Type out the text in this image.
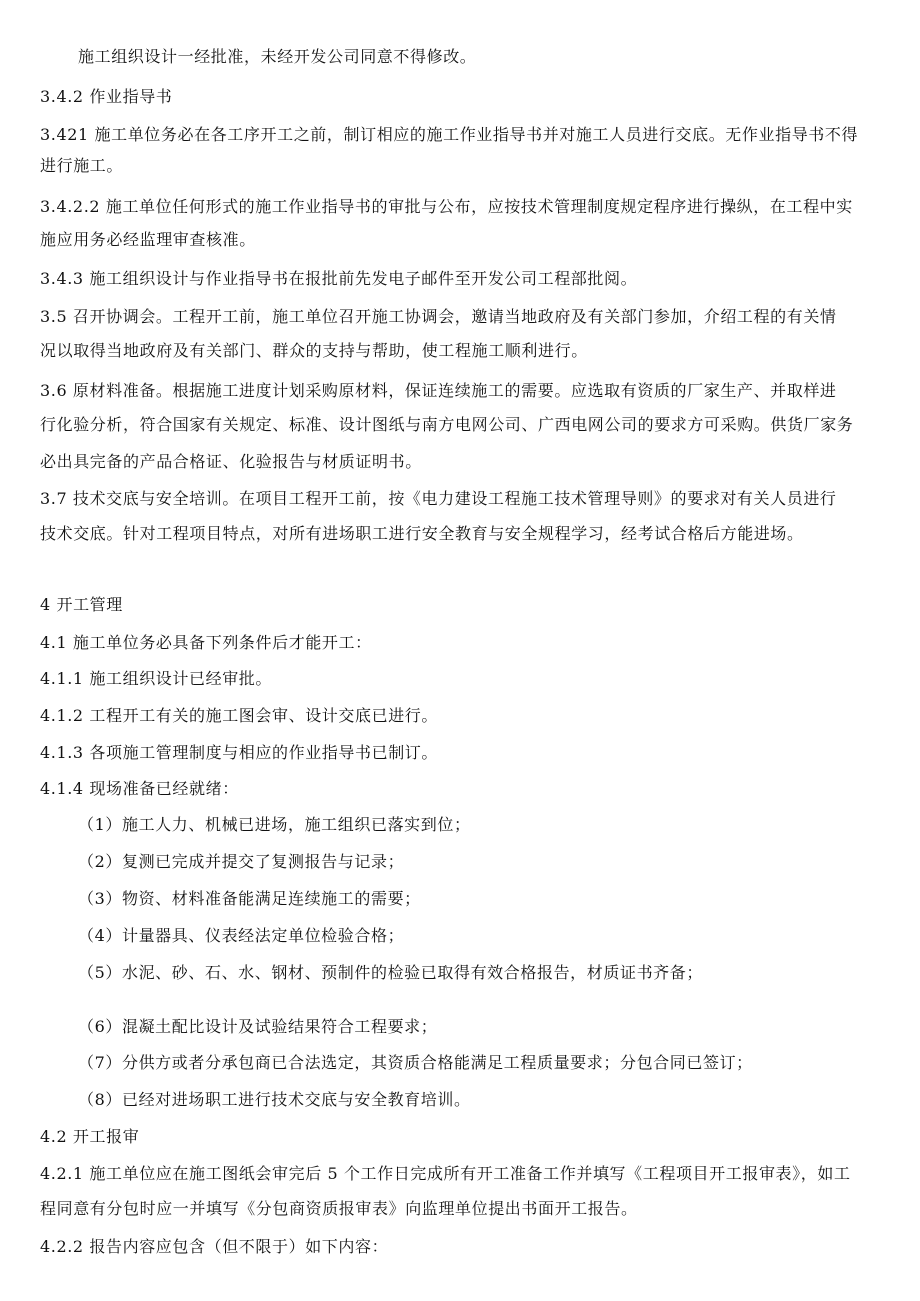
施工组织设计一经批准，未经开发公司同意不得修改。
3.4.2 作业指导书
3.421 施工单位务必在各工序开工之前，制订相应的施工作业指导书并对施工人员进行交底。无作业指导书不得
进行施工。
3.4.2.2 施工单位任何形式的施工作业指导书的审批与公布，应按技术管理制度规定程序进行操纵，在工程中实
施应用务必经监理审查核准。
3.4.3 施工组织设计与作业指导书在报批前先发电子邮件至开发公司工程部批阅。
3.5 召开协调会。工程开工前，施工单位召开施工协调会，邀请当地政府及有关部门参加，介绍工程的有关情
况以取得当地政府及有关部门、群众的支持与帮助，使工程施工顺利进行。
3.6 原材料准备。根据施工进度计划采购原材料，保证连续施工的需要。应选取有资质的厂家生产、并取样进
行化验分析，符合国家有关规定、标准、设计图纸与南方电网公司、广西电网公司的要求方可采购。供货厂家务
必出具完备的产品合格证、化验报告与材质证明书。
3.7 技术交底与安全培训。在项目工程开工前，按《电力建设工程施工技术管理导则》的要求对有关人员进行
技术交底。针对工程项目特点，对所有进场职工进行安全教育与安全规程学习，经考试合格后方能进场。
4 开工管理
4.1 施工单位务必具备下列条件后才能开工：
4.1.1 施工组织设计已经审批。
4.1.2 工程开工有关的施工图会审、设计交底已进行。
4.1.3 各项施工管理制度与相应的作业指导书已制订。
4.1.4 现场准备已经就绪：
（1）施工人力、机械已进场，施工组织已落实到位；
（2）复测已完成并提交了复测报告与记录；
（3）物资、材料准备能满足连续施工的需要；
（4）计量器具、仪表经法定单位检验合格；
（5）水泥、砂、石、水、钢材、预制件的检验已取得有效合格报告，材质证书齐备；
（6）混凝土配比设计及试验结果符合工程要求；
（7）分供方或者分承包商已合法选定，其资质合格能满足工程质量要求；分包合同已签订；
（8）已经对进场职工进行技术交底与安全教育培训。
4.2 开工报审
4.2.1 施工单位应在施工图纸会审完后 5 个工作日完成所有开工准备工作并填写《工程项目开工报审表》，如工
程同意有分包时应一并填写《分包商资质报审表》向监理单位提出书面开工报告。
4.2.2 报告内容应包含（但不限于）如下内容：
